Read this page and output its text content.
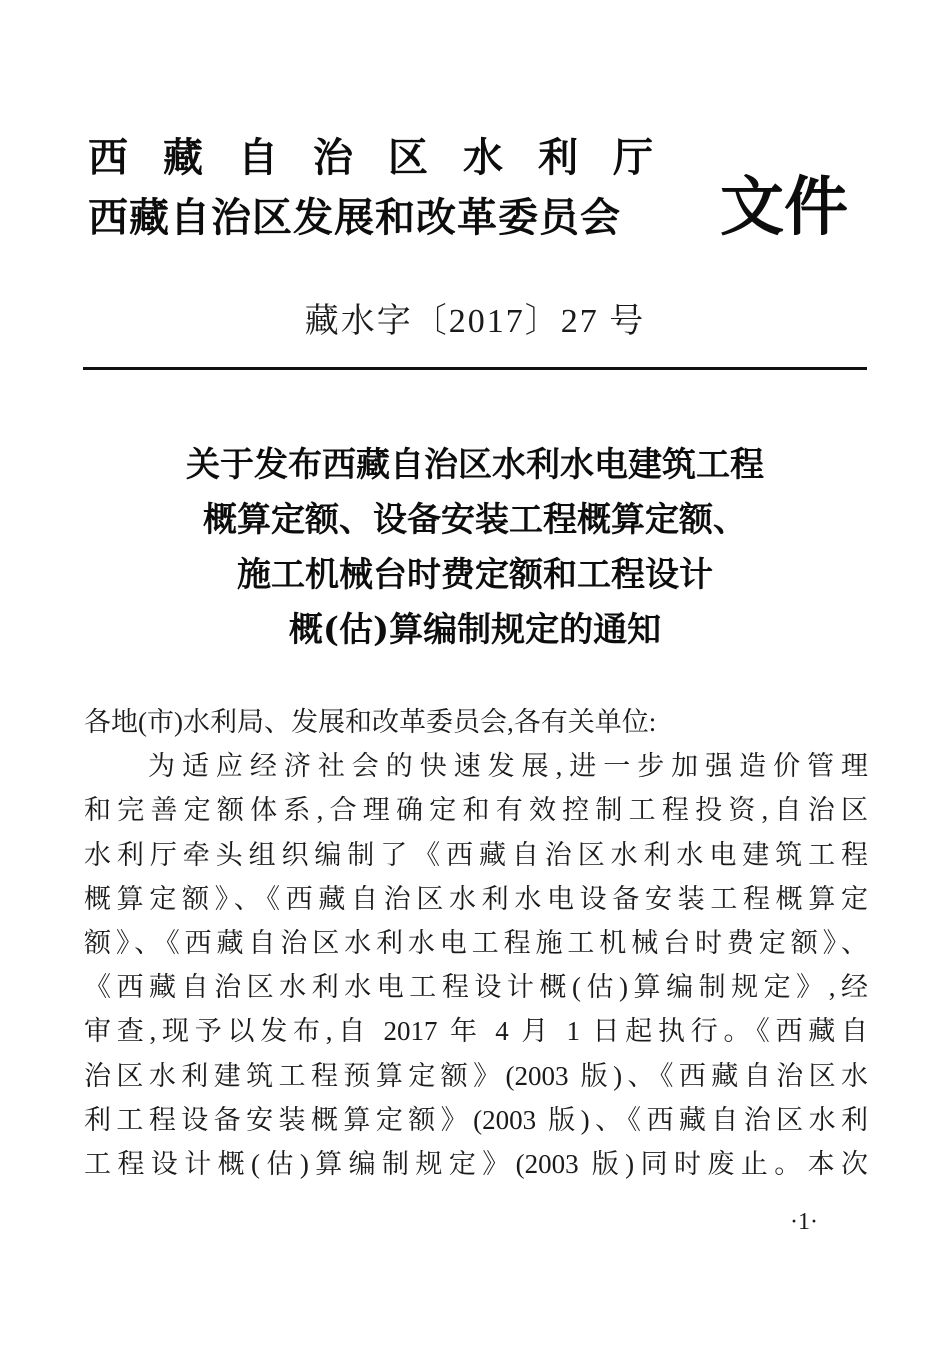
西藏自治区水利厅
西藏自治区发展和改革委员会 文件
藏水字〔2017〕27 号
关于发布西藏自治区水利水电建筑工程
概算定额、设备安装工程概算定额、
施工机械台时费定额和工程设计
概(估)算编制规定的通知
各地(市)水利局、发展和改革委员会,各有关单位:
为适应经济社会的快速发展,进一步加强造价管理
和完善定额体系,合理确定和有效控制工程投资,自治区
水利厅牵头组织编制了《西藏自治区水利水电建筑工程
概算定额》、《西藏自治区水利水电设备安装工程概算定
额》、《西藏自治区水利水电工程施工机械台时费定额》、
《西藏自治区水利水电工程设计概(估)算编制规定》,经
审查,现予以发布,自 2017 年 4 月 1 日起执行。《西藏自
治区水利建筑工程预算定额》(2003 版)、《西藏自治区水
利工程设备安装概算定额》(2003 版)、《西藏自治区水利
工程设计概(估)算编制规定》(2003 版)同时废止。本次
·1·
